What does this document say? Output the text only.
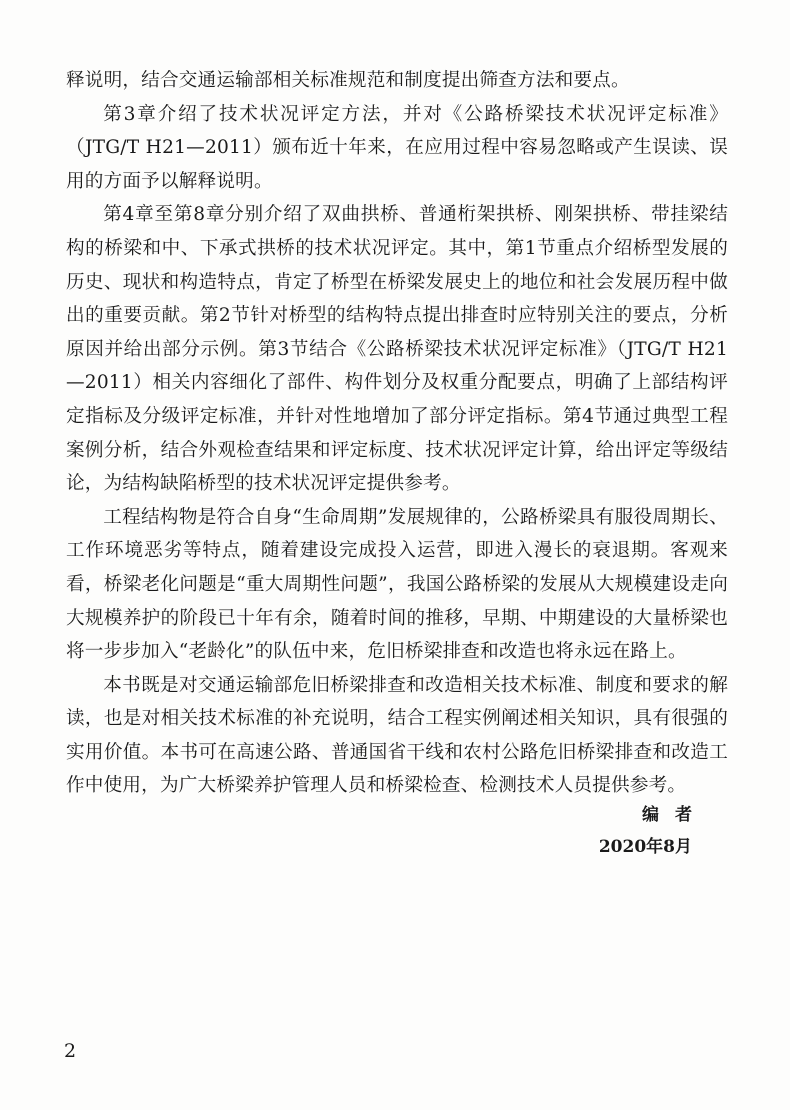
释说明，结合交通运输部相关标准规范和制度提出筛查方法和要点。

第3章介绍了技术状况评定方法，并对《公路桥梁技术状况评定标准》（JTG/T H21—2011）颁布近十年来，在应用过程中容易忽略或产生误读、误用的方面予以解释说明。

第4章至第8章分别介绍了双曲拱桥、普通桁架拱桥、刚架拱桥、带挂梁结构的桥梁和中、下承式拱桥的技术状况评定。其中，第1节重点介绍桥型发展的历史、现状和构造特点，肯定了桥型在桥梁发展史上的地位和社会发展历程中做出的重要贡献。第2节针对桥型的结构特点提出排查时应特别关注的要点，分析原因并给出部分示例。第3节结合《公路桥梁技术状况评定标准》（JTG/T H21—2011）相关内容细化了部件、构件划分及权重分配要点，明确了上部结构评定指标及分级评定标准，并针对性地增加了部分评定指标。第4节通过典型工程案例分析，结合外观检查结果和评定标度、技术状况评定计算，给出评定等级结论，为结构缺陷桥型的技术状况评定提供参考。

工程结构物是符合自身“生命周期”发展规律的，公路桥梁具有服役周期长、工作环境恶劣等特点，随着建设完成投入运营，即进入漫长的衰退期。客观来看，桥梁老化问题是“重大周期性问题”，我国公路桥梁的发展从大规模建设走向大规模养护的阶段已十年有余，随着时间的推移，早期、中期建设的大量桥梁也将一步步加入“老龄化”的队伍中来，危旧桥梁排查和改造也将永远在路上。

本书既是对交通运输部危旧桥梁排查和改造相关技术标准、制度和要求的解读，也是对相关技术标准的补充说明，结合工程实例阐述相关知识，具有很强的实用价值。本书可在高速公路、普通国省干线和农村公路危旧桥梁排查和改造工作中使用，为广大桥梁养护管理人员和桥梁检查、检测技术人员提供参考。

编者

2020年8月

2
